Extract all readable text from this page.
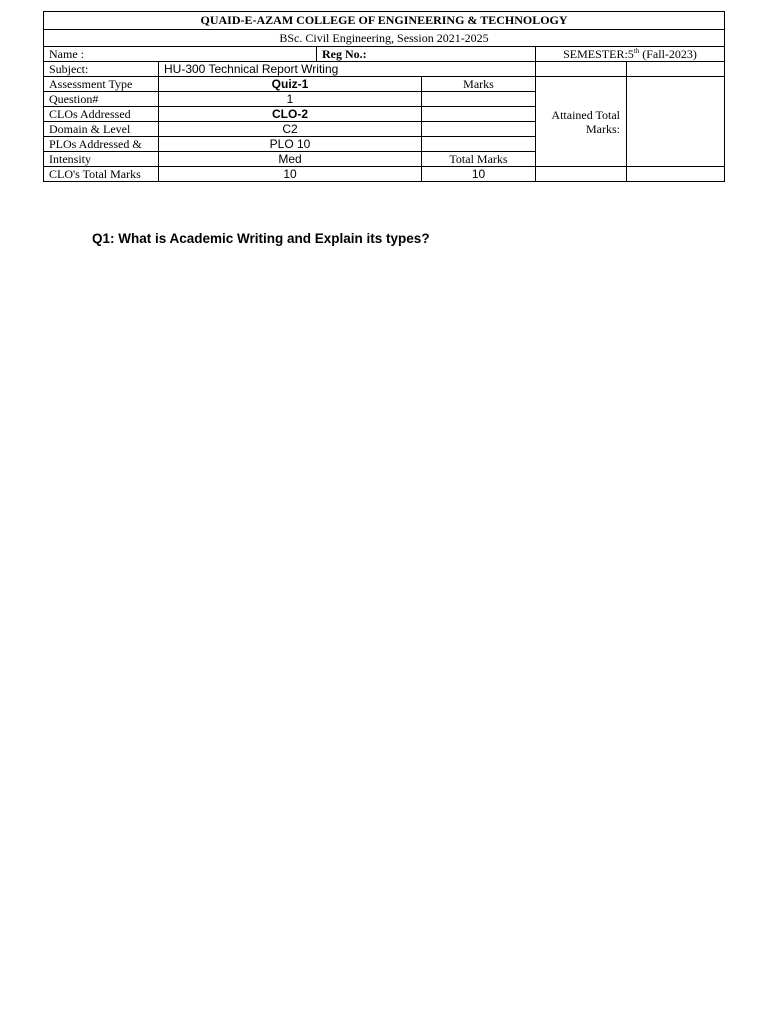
QUAID-E-AZAM COLLEGE OF ENGINEERING & TECHNOLOGY					
BSc. Civil Engineering, Session 2021-2025					
Name :		Reg No.:		SEMESTER:5th (Fall-2023)	
Subject:	HU-300 Technical Report Writing				
Assessment Type	Quiz-1		Marks	Attained Total Marks:	
Question#	1				
CLOs Addressed	CLO-2				
Domain & Level	C2				
PLOs Addressed &	PLO 10				
Intensity	Med		Total Marks		
CLO's Total Marks	10		10		
Q1: What is Academic Writing and Explain its types?
